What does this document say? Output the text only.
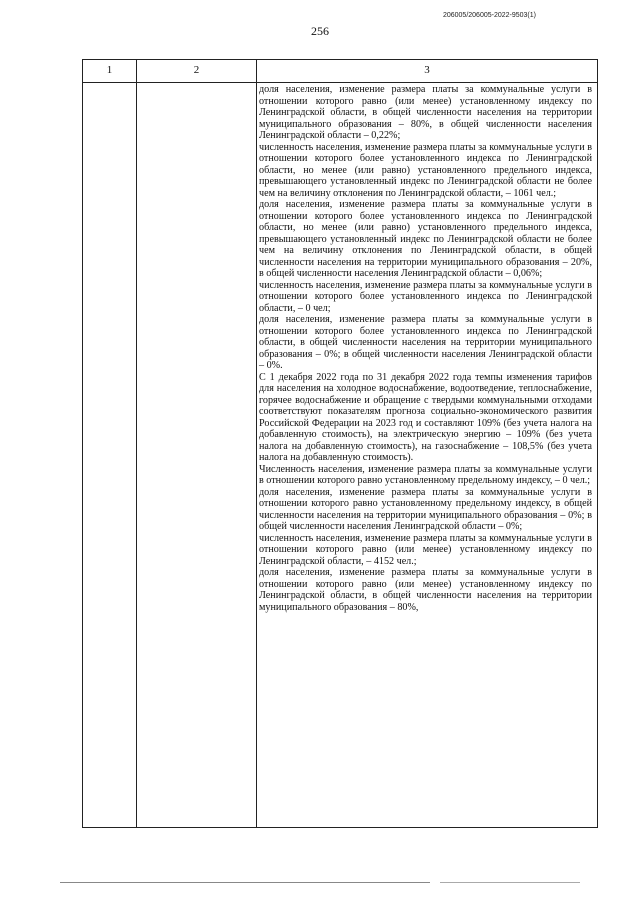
206005/206005-2022-9503(1)
256
1	2	3

доля населения, изменение размера платы за коммунальные услуги в отношении которого равно (или менее) установленному индексу по Ленинградской области, в общей численности населения на территории муниципального образования – 80%, в общей численности населения Ленинградской области – 0,22%;

численность населения, изменение размера платы за коммунальные услуги в отношении которого более установленного индекса по Ленинградской области, но менее (или равно) установленного предельного индекса, превышающего установленный индекс по Ленинградской области не более чем на величину отклонения по Ленинградской области, – 1061 чел.;

доля населения, изменение размера платы за коммунальные услуги в отношении которого более установленного индекса по Ленинградской области, но менее (или равно) установленного предельного индекса, превышающего установленный индекс по Ленинградской области не более чем на величину отклонения по Ленинградской области, в общей численности населения на территории муниципального образования – 20%, в общей численности населения Ленинградской области – 0,06%;

численность населения, изменение размера платы за коммунальные услуги в отношении которого более установленного индекса по Ленинградской области, – 0 чел;

доля населения, изменение размера платы за коммунальные услуги в отношении которого более установленного индекса по Ленинградской области, в общей численности населения на территории муниципального образования – 0%; в общей численности населения Ленинградской области – 0%.

С 1 декабря 2022 года по 31 декабря 2022 года темпы изменения тарифов для населения на холодное водоснабжение, водоотведение, теплоснабжение, горячее водоснабжение и обращение с твердыми коммунальными отходами соответствуют показателям прогноза социально-экономического развития Российской Федерации на 2023 год и составляют 109% (без учета налога на добавленную стоимость), на электрическую энергию – 109% (без учета налога на добавленную стоимость), на газоснабжение – 108,5% (без учета налога на добавленную стоимость).

Численность населения, изменение размера платы за коммунальные услуги в отношении которого равно установленному предельному индексу, – 0 чел.;

доля населения, изменение размера платы за коммунальные услуги в отношении которого равно установленному предельному индексу, в общей численности населения на территории муниципального образования – 0%; в общей численности населения Ленинградской области – 0%;

численность населения, изменение размера платы за коммунальные услуги в отношении которого равно (или менее) установленному индексу по Ленинградской области, – 4152 чел.;

доля населения, изменение размера платы за коммунальные услуги в отношении которого равно (или менее) установленному индексу по Ленинградской области, в общей численности населения на территории муниципального образования – 80%,
